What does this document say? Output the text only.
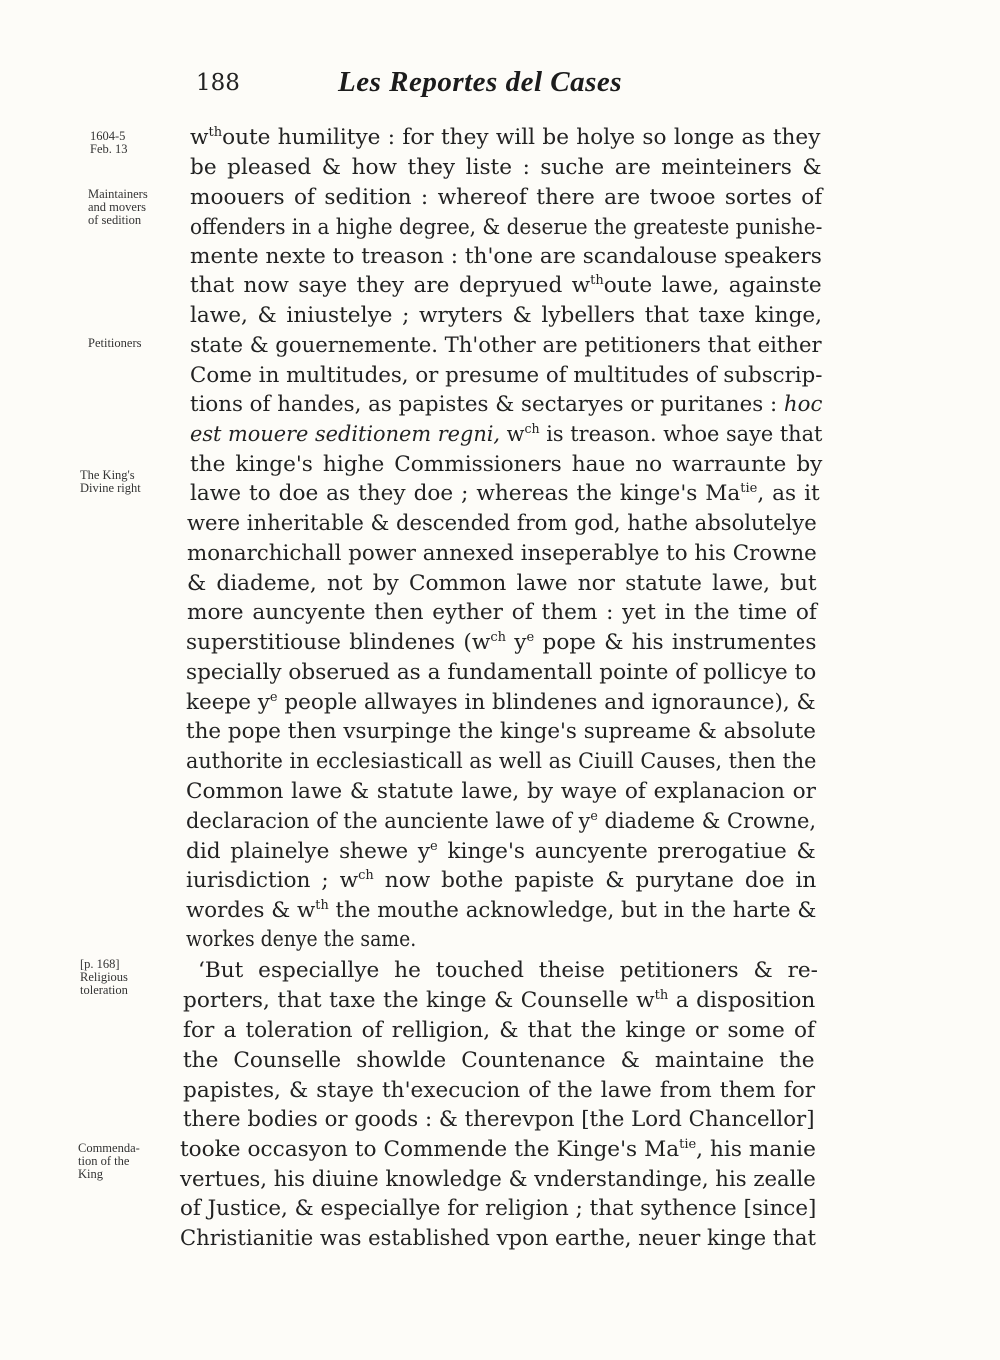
188	Les Reportes del Cases
1604-5
Feb. 13
Maintainers
and movers
of sedition
Petitioners
The King's
Divine right
[p. 168]
Religious
toleration
Commenda-
tion of the
King
$w^{th}oute$ humilitye : for they will be holye so longe as they
be pleased & how they liste : suche are meinteiners &
moouers of sedition : whereof there are twooe sortes of
offenders in a highe degree, & deserue the greateste punishe-
mente nexte to treason : th'one are scandalouse speakers
that now saye they are depryued $w^{th}oute$ lawe, againste
lawe, & iniustelye ; wryters & lybellers that taxe kinge,
state & gouernemente. Th'other are petitioners that either
Come in multitudes, or presume of multitudes of subscrip-
tions of handes, as papistes & sectaryes or puritanes : hoc
est mouere seditionem regni, $w^{ch}$ is treason. whoe saye that
the kinge's highe Commissioners haue no warraunte by
lawe to doe as they doe ; whereas the kinge's $Ma^{tie}$, as it
were inheritable & descended from god, hathe absolutelye
monarchichall power annexed inseperablye to his Crowne
& diademe, not by Common lawe nor statute lawe, but
more auncyente then eyther of them : yet in the time of
superstitiouse blindenes ($w^{ch}$ $y^e$ pope & his instrumentes
specially obserued as a fundamentall pointe of pollicye to
keepe $y^e$ people allwayes in blindenes and ignoraunce), &
the pope then vsurpinge the kinge's supreame & absolute
authorite in ecclesiasticall as well as Ciuill Causes, then the
Common lawe & statute lawe, by waye of explanacion or
declaracion of the aunciente lawe of $y^e$ diademe & Crowne,
did plainelye shewe $y^e$ kinge's auncyente prerogatiue &
iurisdiction ; $w^{ch}$ now bothe papiste & purytane doe in
wordes & $w^{th}$ the mouthe acknowledge, but in the harte &
workes denye the same.
‘But especiallye he touched theise petitioners & re-
porters, that taxe the kinge & Counselle $w^{th}$ a disposition
for a toleration of relligion, & that the kinge or some of
the Counselle showlde Countenance & maintaine the
papistes, & staye th'execucion of the lawe from them for
there bodies or goods : & therevpon [the Lord Chancellor]
tooke occasyon to Commende the Kinge's $Ma^{tie}$, his manie
vertues, his diuine knowledge & vnderstandinge, his zealle
of Justice, & especiallye for religion ; that sythence [since]
Christianitie was established vpon earthe, neuer kinge that
